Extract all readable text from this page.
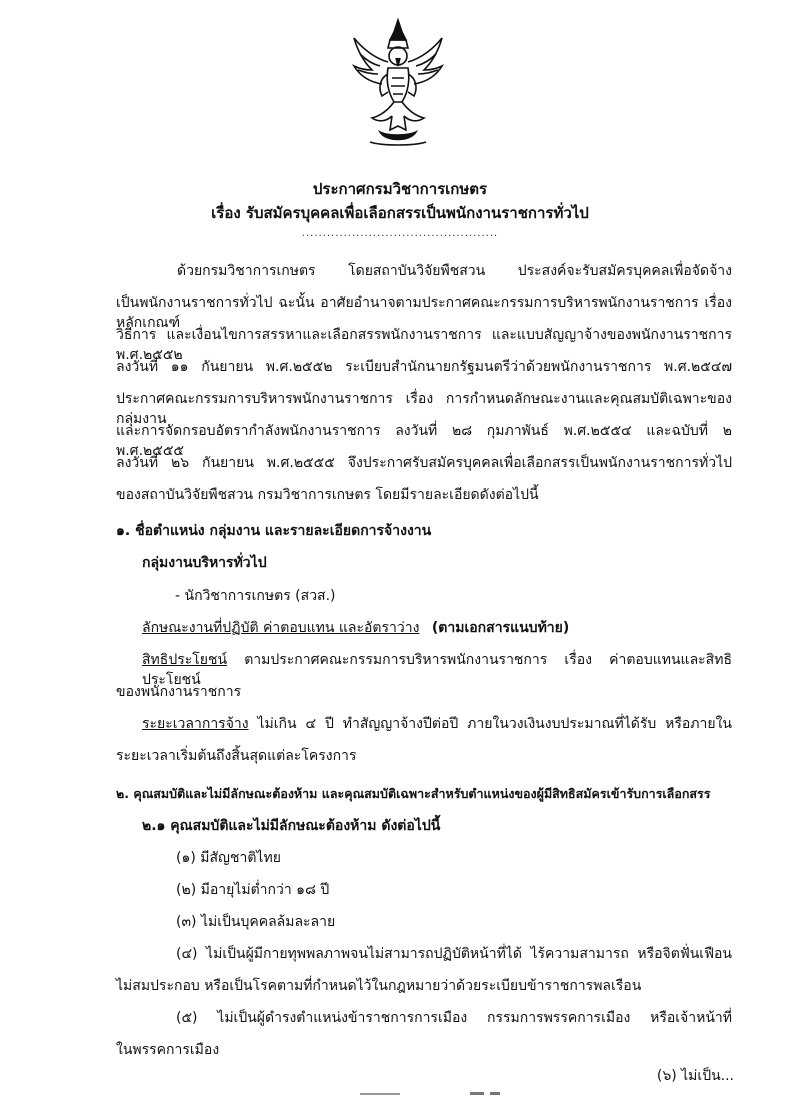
ประกาศกรมวิชาการเกษตร
เรื่อง รับสมัครบุคคลเพื่อเลือกสรรเป็นพนักงานราชการทั่วไป
...............................................
ด้วยกรมวิชาการเกษตร โดยสถาบันวิจัยพืชสวน ประสงค์จะรับสมัครบุคคลเพื่อจัดจ้าง
เป็นพนักงานราชการทั่วไป ฉะนั้น อาศัยอำนาจตามประกาศคณะกรรมการบริหารพนักงานราชการ เรื่อง หลักเกณฑ์
วิธีการ และเงื่อนไขการสรรหาและเลือกสรรพนักงานราชการ และแบบสัญญาจ้างของพนักงานราชการ พ.ศ.๒๕๕๒
ลงวันที่ ๑๑ กันยายน พ.ศ.๒๕๕๒ ระเบียบสำนักนายกรัฐมนตรีว่าด้วยพนักงานราชการ พ.ศ.๒๕๔๗
ประกาศคณะกรรมการบริหารพนักงานราชการ เรื่อง การกำหนดลักษณะงานและคุณสมบัติเฉพาะของกลุ่มงาน
และการจัดกรอบอัตรากำลังพนักงานราชการ ลงวันที่ ๒๘ กุมภาพันธ์ พ.ศ.๒๕๕๔ และฉบับที่ ๒ พ.ศ.๒๕๕๕
ลงวันที่ ๒๖ กันยายน พ.ศ.๒๕๕๕ จึงประกาศรับสมัครบุคคลเพื่อเลือกสรรเป็นพนักงานราชการทั่วไป
ของสถาบันวิจัยพืชสวน กรมวิชาการเกษตร โดยมีรายละเอียดดังต่อไปนี้
๑. ชื่อตำแหน่ง กลุ่มงาน และรายละเอียดการจ้างงาน
กลุ่มงานบริหารทั่วไป
- นักวิชาการเกษตร (สวส.)
ลักษณะงานที่ปฏิบัติ ค่าตอบแทน และอัตราว่าง (ตามเอกสารแนบท้าย)
สิทธิประโยชน์ ตามประกาศคณะกรรมการบริหารพนักงานราชการ เรื่อง ค่าตอบแทนและสิทธิประโยชน์
ของพนักงานราชการ
ระยะเวลาการจ้าง ไม่เกิน ๔ ปี ทำสัญญาจ้างปีต่อปี ภายในวงเงินงบประมาณที่ได้รับ หรือภายใน
ระยะเวลาเริ่มต้นถึงสิ้นสุดแต่ละโครงการ
๒. คุณสมบัติและไม่มีลักษณะต้องห้าม และคุณสมบัติเฉพาะสำหรับตำแหน่งของผู้มีสิทธิสมัครเข้ารับการเลือกสรร
๒.๑ คุณสมบัติและไม่มีลักษณะต้องห้าม ดังต่อไปนี้
(๑) มีสัญชาติไทย
(๒) มีอายุไม่ต่ำกว่า ๑๘ ปี
(๓) ไม่เป็นบุคคลล้มละลาย
(๔) ไม่เป็นผู้มีกายทุพพลภาพจนไม่สามารถปฏิบัติหน้าที่ได้ ไร้ความสามารถ หรือจิตฟั่นเฟือน
ไม่สมประกอบ หรือเป็นโรคตามที่กำหนดไว้ในกฎหมายว่าด้วยระเบียบข้าราชการพลเรือน
(๕) ไม่เป็นผู้ดำรงตำแหน่งข้าราชการการเมือง กรรมการพรรคการเมือง หรือเจ้าหน้าที่
ในพรรคการเมือง
(๖) ไม่เป็น...
